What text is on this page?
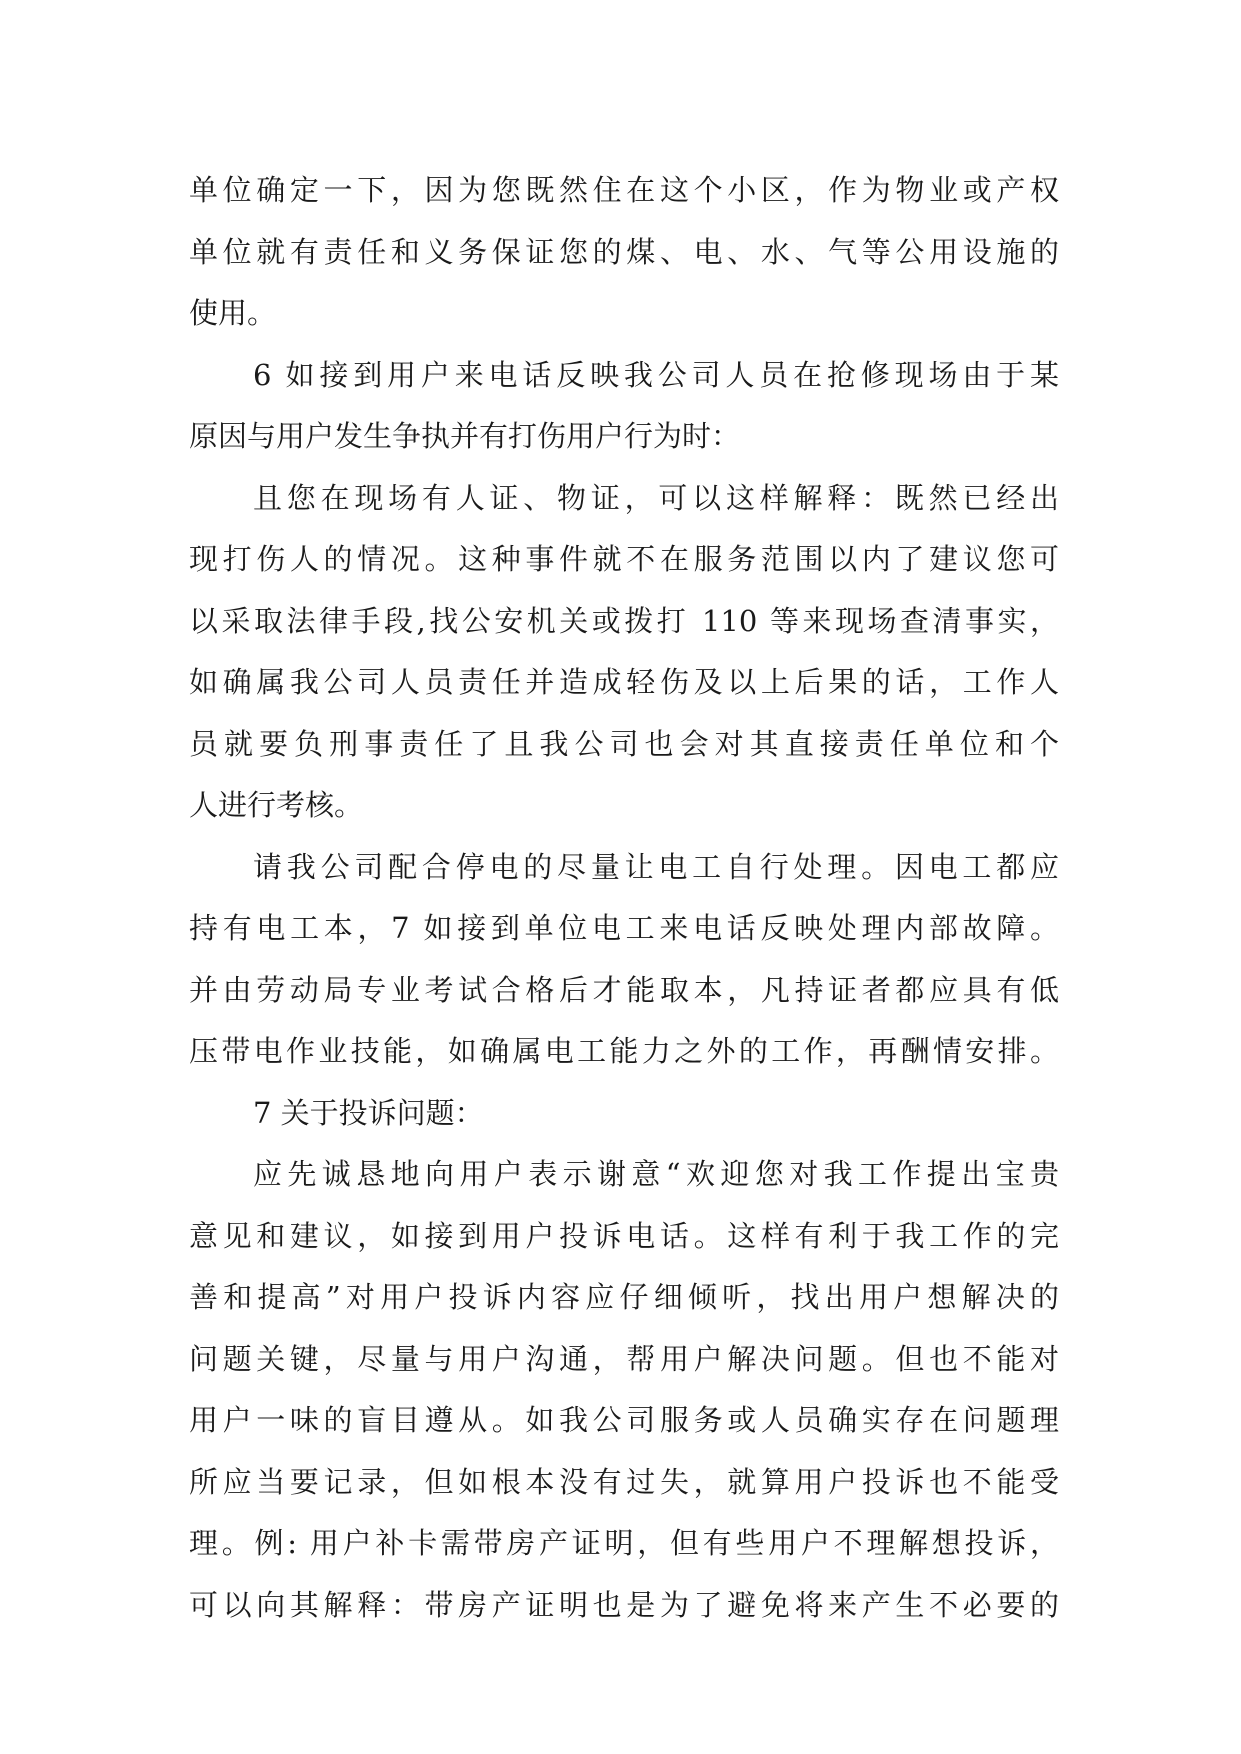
单位确定一下，因为您既然住在这个小区，作为物业或产权
单位就有责任和义务保证您的煤、电、水、气等公用设施的
使用。
6 如接到用户来电话反映我公司人员在抢修现场由于某
原因与用户发生争执并有打伤用户行为时：
且您在现场有人证、物证，可以这样解释：既然已经出
现打伤人的情况。这种事件就不在服务范围以内了建议您可
以采取法律手段,找公安机关或拨打 110 等来现场查清事实，
如确属我公司人员责任并造成轻伤及以上后果的话，工作人
员就要负刑事责任了且我公司也会对其直接责任单位和个
人进行考核。
请我公司配合停电的尽量让电工自行处理。因电工都应
持有电工本，7 如接到单位电工来电话反映处理内部故障。
并由劳动局专业考试合格后才能取本，凡持证者都应具有低
压带电作业技能，如确属电工能力之外的工作，再酬情安排。
7 关于投诉问题：
应先诚恳地向用户表示谢意“欢迎您对我工作提出宝贵
意见和建议，如接到用户投诉电话。这样有利于我工作的完
善和提高”对用户投诉内容应仔细倾听，找出用户想解决的
问题关键，尽量与用户沟通，帮用户解决问题。但也不能对
用户一味的盲目遵从。如我公司服务或人员确实存在问题理
所应当要记录，但如根本没有过失，就算用户投诉也不能受
理。例: 用户补卡需带房产证明，但有些用户不理解想投诉，
可以向其解释：带房产证明也是为了避免将来产生不必要的
